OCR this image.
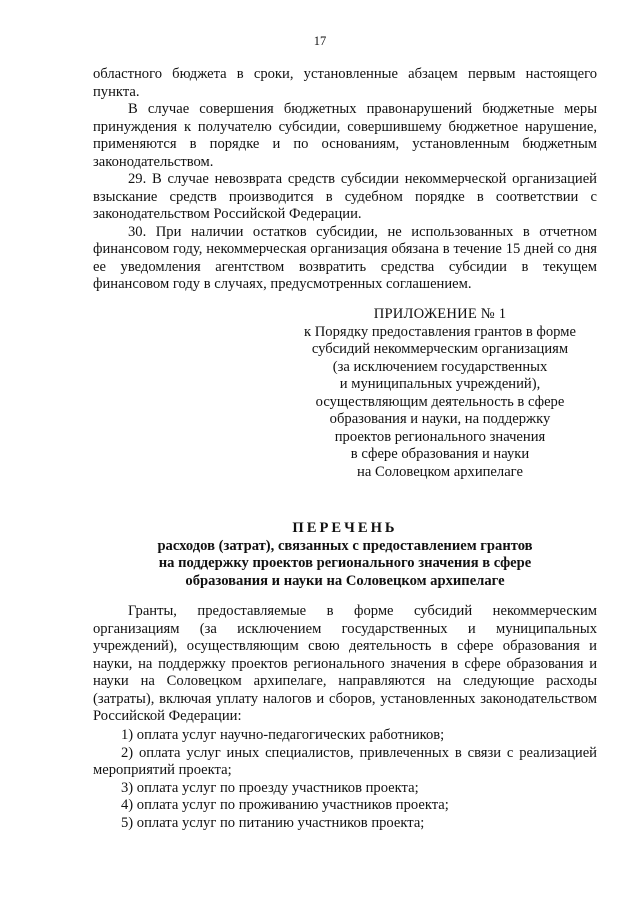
17

областного бюджета в сроки, установленные абзацем первым настоящего пункта.

В случае совершения бюджетных правонарушений бюджетные меры принуждения к получателю субсидии, совершившему бюджетное нарушение, применяются в порядке и по основаниям, установленным бюджетным законодательством.

29. В случае невозврата средств субсидии некоммерческой организацией взыскание средств производится в судебном порядке в соответствии с законодательством Российской Федерации.

30. При наличии остатков субсидии, не использованных в отчетном финансовом году, некоммерческая организация обязана в течение 15 дней со дня ее уведомления агентством возвратить средства субсидии в текущем финансовом году в случаях, предусмотренных соглашением.

ПРИЛОЖЕНИЕ № 1
к Порядку предоставления грантов в форме
субсидий некоммерческим организациям
(за исключением государственных
и муниципальных учреждений),
осуществляющим деятельность в сфере
образования и науки, на поддержку
проектов регионального значения
в сфере образования и науки
на Соловецком архипелаге
ПЕРЕЧЕНЬ
расходов (затрат), связанных с предоставлением грантов
на поддержку проектов регионального значения в сфере
образования и науки на Соловецком архипелаге

Гранты, предоставляемые в форме субсидий некоммерческим организациям (за исключением государственных и муниципальных учреждений), осуществляющим свою деятельность в сфере образования и науки, на поддержку проектов регионального значения в сфере образования и науки на Соловецком архипелаге, направляются на следующие расходы (затраты), включая уплату налогов и сборов, установленных законодательством Российской Федерации:

1) оплата услуг научно-педагогических работников;

2) оплата услуг иных специалистов, привлеченных в связи с реализацией мероприятий проекта;

3) оплата услуг по проезду участников проекта;

4) оплата услуг по проживанию участников проекта;

5) оплата услуг по питанию участников проекта;
